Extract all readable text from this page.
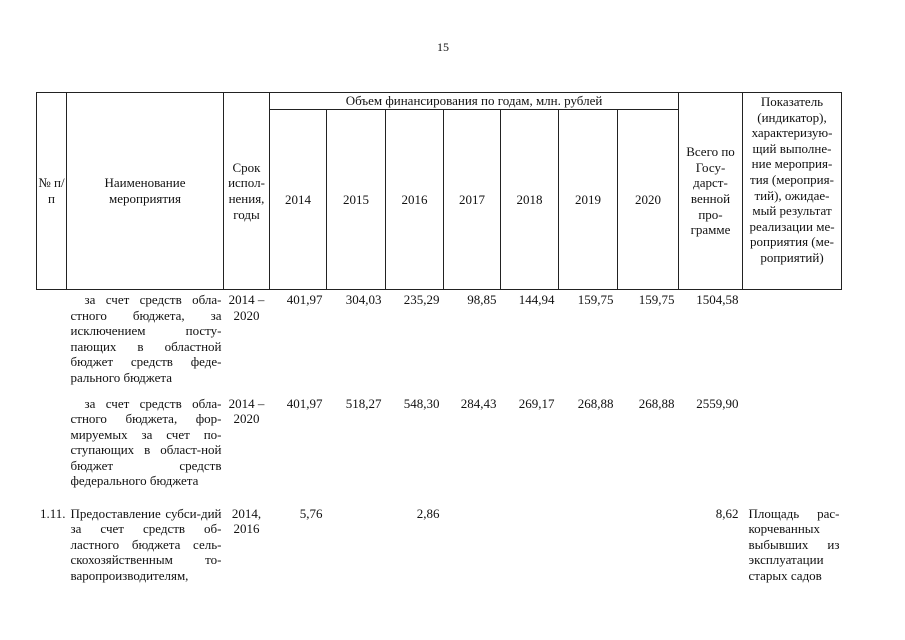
15
№ п/п	Наименование мероприятия	Срок испол-нения, годы	Объем финансирования по годам, млн. рублей							Всего по Госу-дарст-венной про-грамме	Показатель (индикатор), характеризую-щий выполне-ние мероприя-тия (мероприя-тий), ожидае-мый результат реализации ме-роприятия (ме-роприятий)
			2014	2015	2016	2017	2018	2019	2020		
	за счет средств обла-стного бюджета, за исключением посту-пающих в областной бюджет средств феде-рального бюджета	2014 – 2020	401,97	304,03	235,29	98,85	144,94	159,75	159,75	1504,58	
	за счет средств обла-стного бюджета, фор-мируемых за счет по-ступающих в област-ной бюджет средств федерального бюджета	2014 – 2020	401,97	518,27	548,30	284,43	269,17	268,88	268,88	2559,90	
1.11.	Предоставление субси-дий за счет средств об-ластного бюджета сель-скохозяйственным то-варопроизводителям,	2014, 2016	5,76		2,86					8,62	Площадь рас-корчеванных выбывших из эксплуатации старых садов
